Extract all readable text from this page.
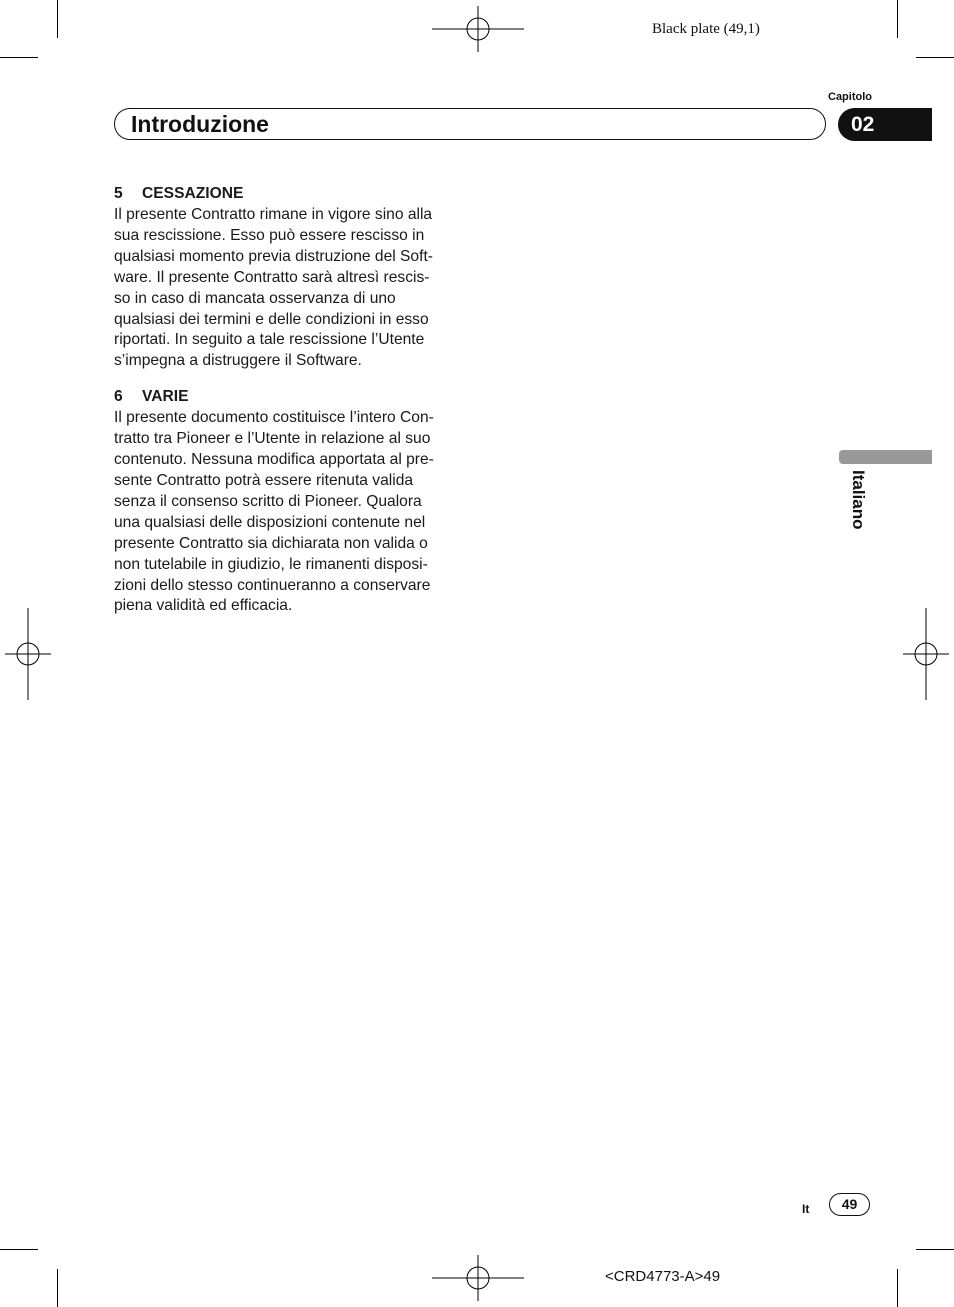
Black plate (49,1)
Capitolo
Introduzione	02

5 CESSAZIONE

Il presente Contratto rimane in vigore sino alla
sua rescissione. Esso può essere rescisso in
qualsiasi momento previa distruzione del Soft-
ware. Il presente Contratto sarà altresì rescis-
so in caso di mancata osservanza di uno
qualsiasi dei termini e delle condizioni in esso
riportati. In seguito a tale rescissione l’Utente
s’impegna a distruggere il Software.

6 VARIE

Il presente documento costituisce l’intero Con-
tratto tra Pioneer e l’Utente in relazione al suo
contenuto. Nessuna modifica apportata al pre-
sente Contratto potrà essere ritenuta valida
senza il consenso scritto di Pioneer. Qualora
una qualsiasi delle disposizioni contenute nel
presente Contratto sia dichiarata non valida o
non tutelabile in giudizio, le rimanenti disposi-
zioni dello stesso continueranno a conservare
piena validità ed efficacia.
Italiano
It	49
<CRD4773-A>49
